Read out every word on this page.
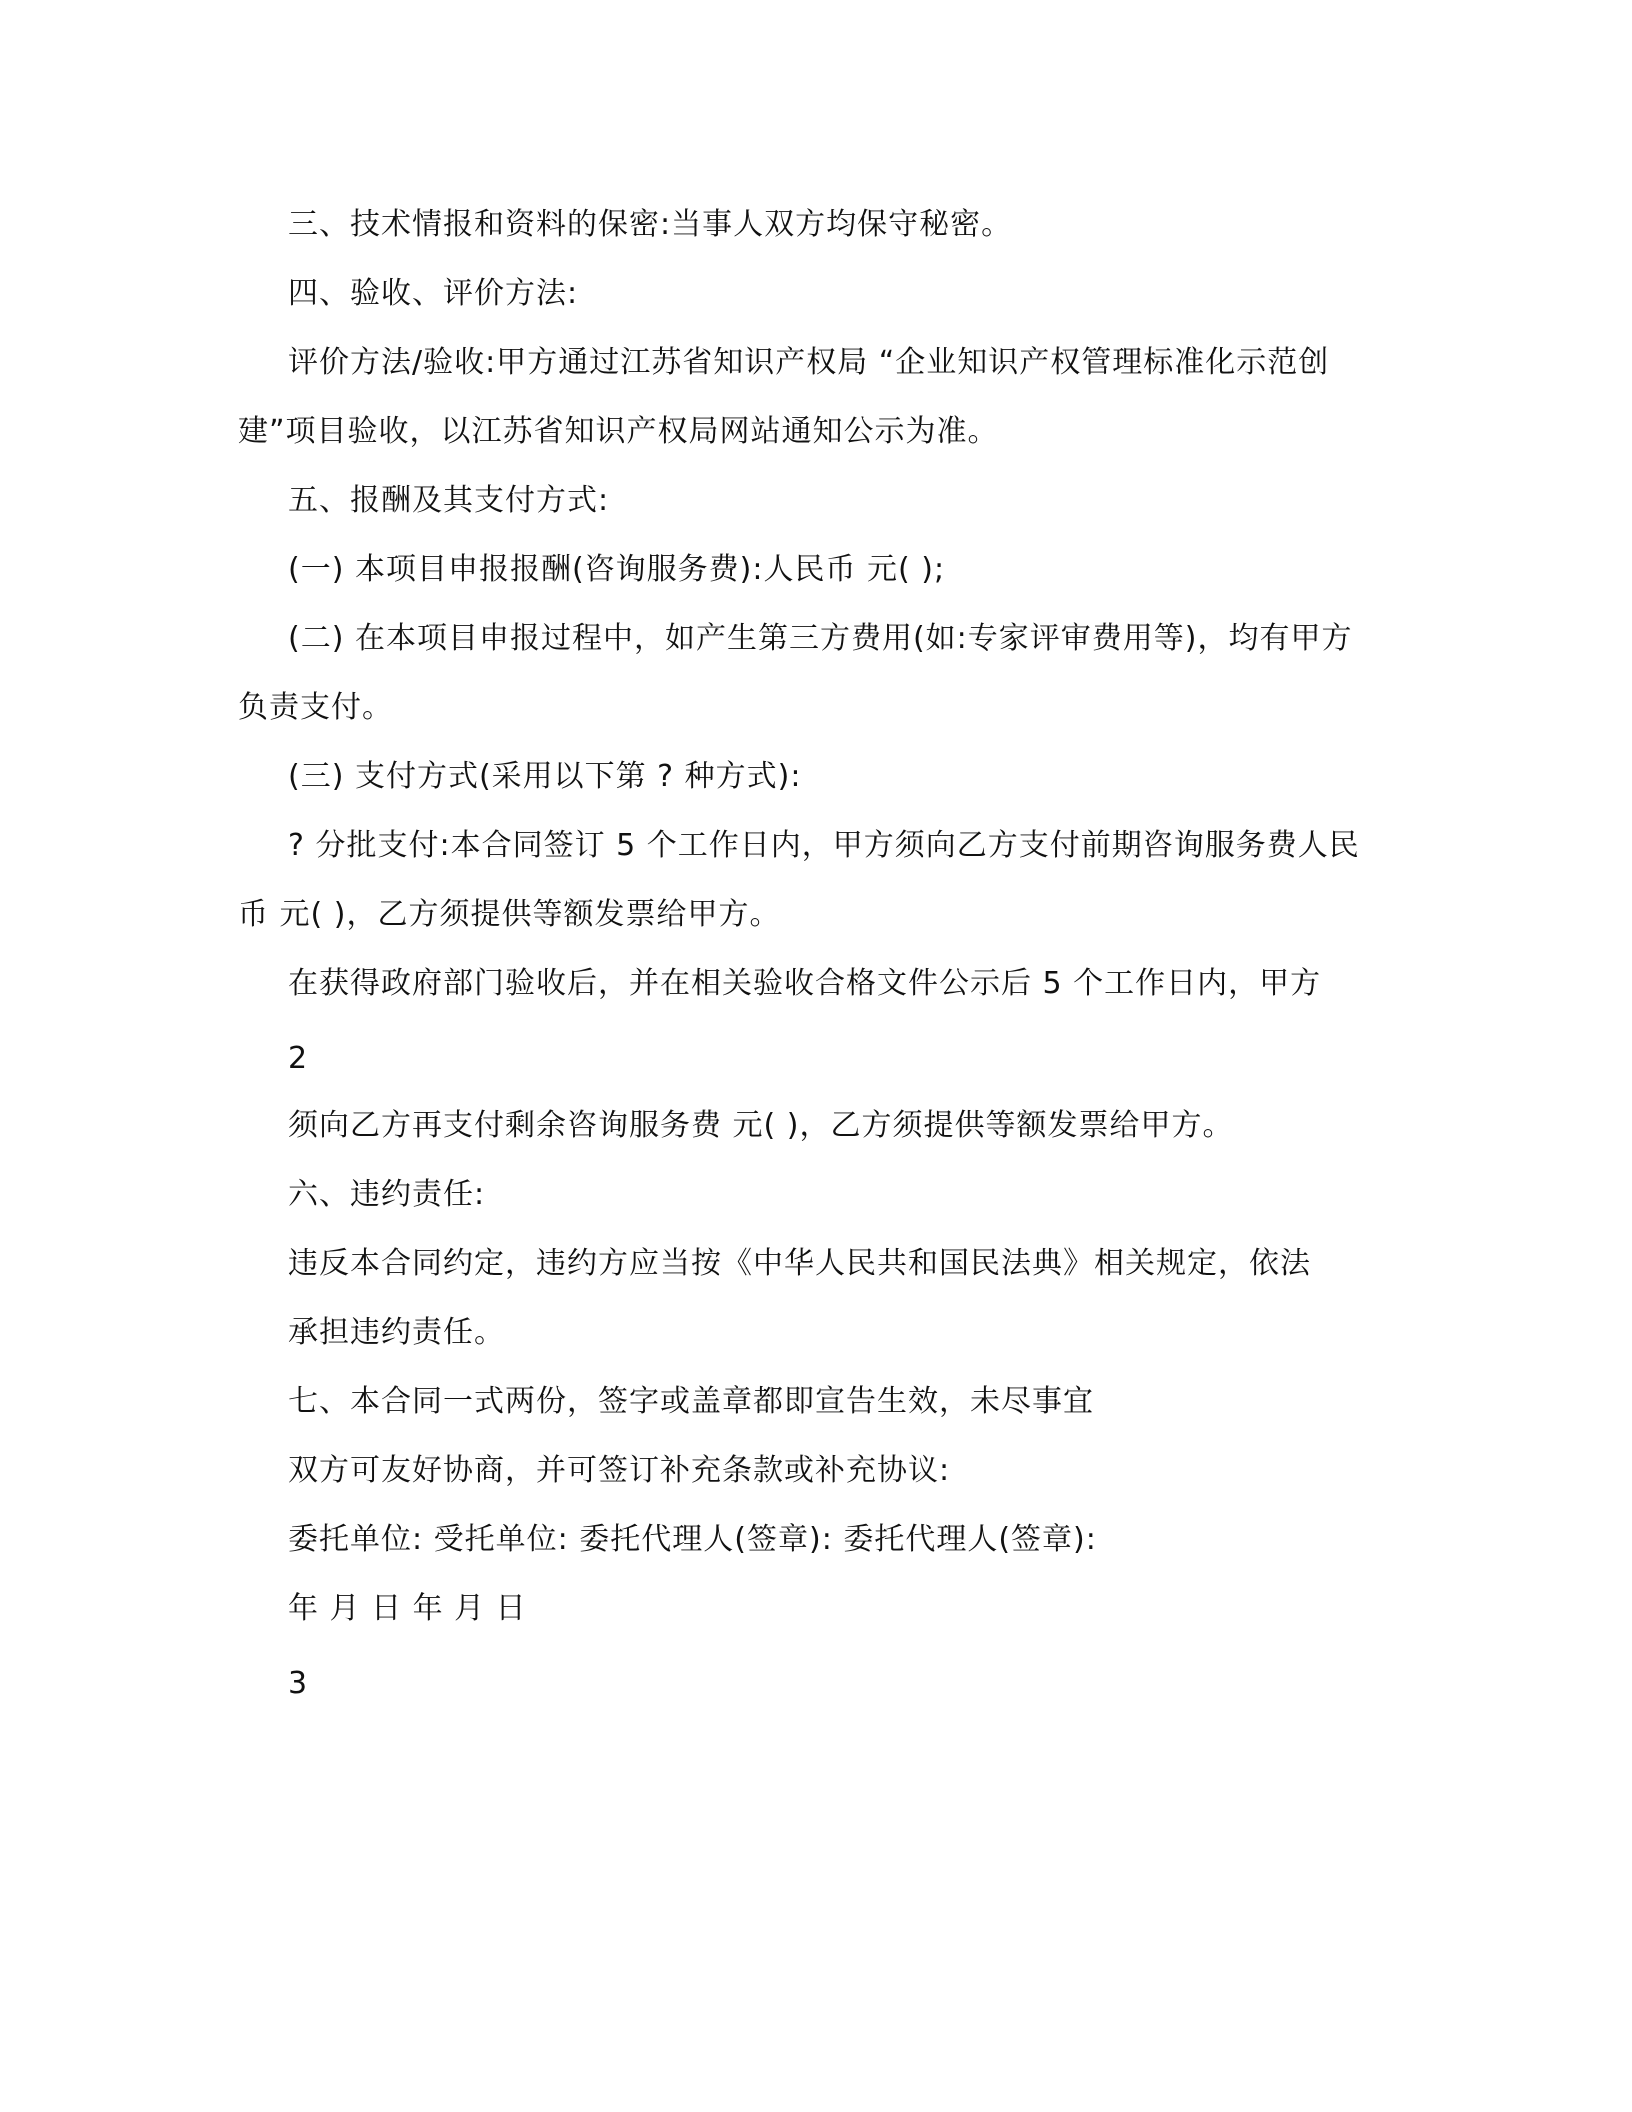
三、技术情报和资料的保密:当事人双方均保守秘密。
四、验收、评价方法:
评价方法/验收:甲方通过江苏省知识产权局 “企业知识产权管理标准化示范创
建”项目验收，以江苏省知识产权局网站通知公示为准。
五、报酬及其支付方式:
(一) 本项目申报报酬(咨询服务费):人民币 元( );
(二) 在本项目申报过程中，如产生第三方费用(如:专家评审费用等)，均有甲方
负责支付。
(三) 支付方式(采用以下第 ? 种方式):
? 分批支付:本合同签订 5 个工作日内，甲方须向乙方支付前期咨询服务费人民
币 元( )，乙方须提供等额发票给甲方。
在获得政府部门验收后，并在相关验收合格文件公示后 5 个工作日内，甲方
2
须向乙方再支付剩余咨询服务费 元( )，乙方须提供等额发票给甲方。
六、违约责任:
违反本合同约定，违约方应当按《中华人民共和国民法典》相关规定，依法
承担违约责任。
七、本合同一式两份，签字或盖章都即宣告生效，未尽事宜
双方可友好协商，并可签订补充条款或补充协议:
委托单位: 受托单位: 委托代理人(签章): 委托代理人(签章):
年 月 日 年 月 日
3
